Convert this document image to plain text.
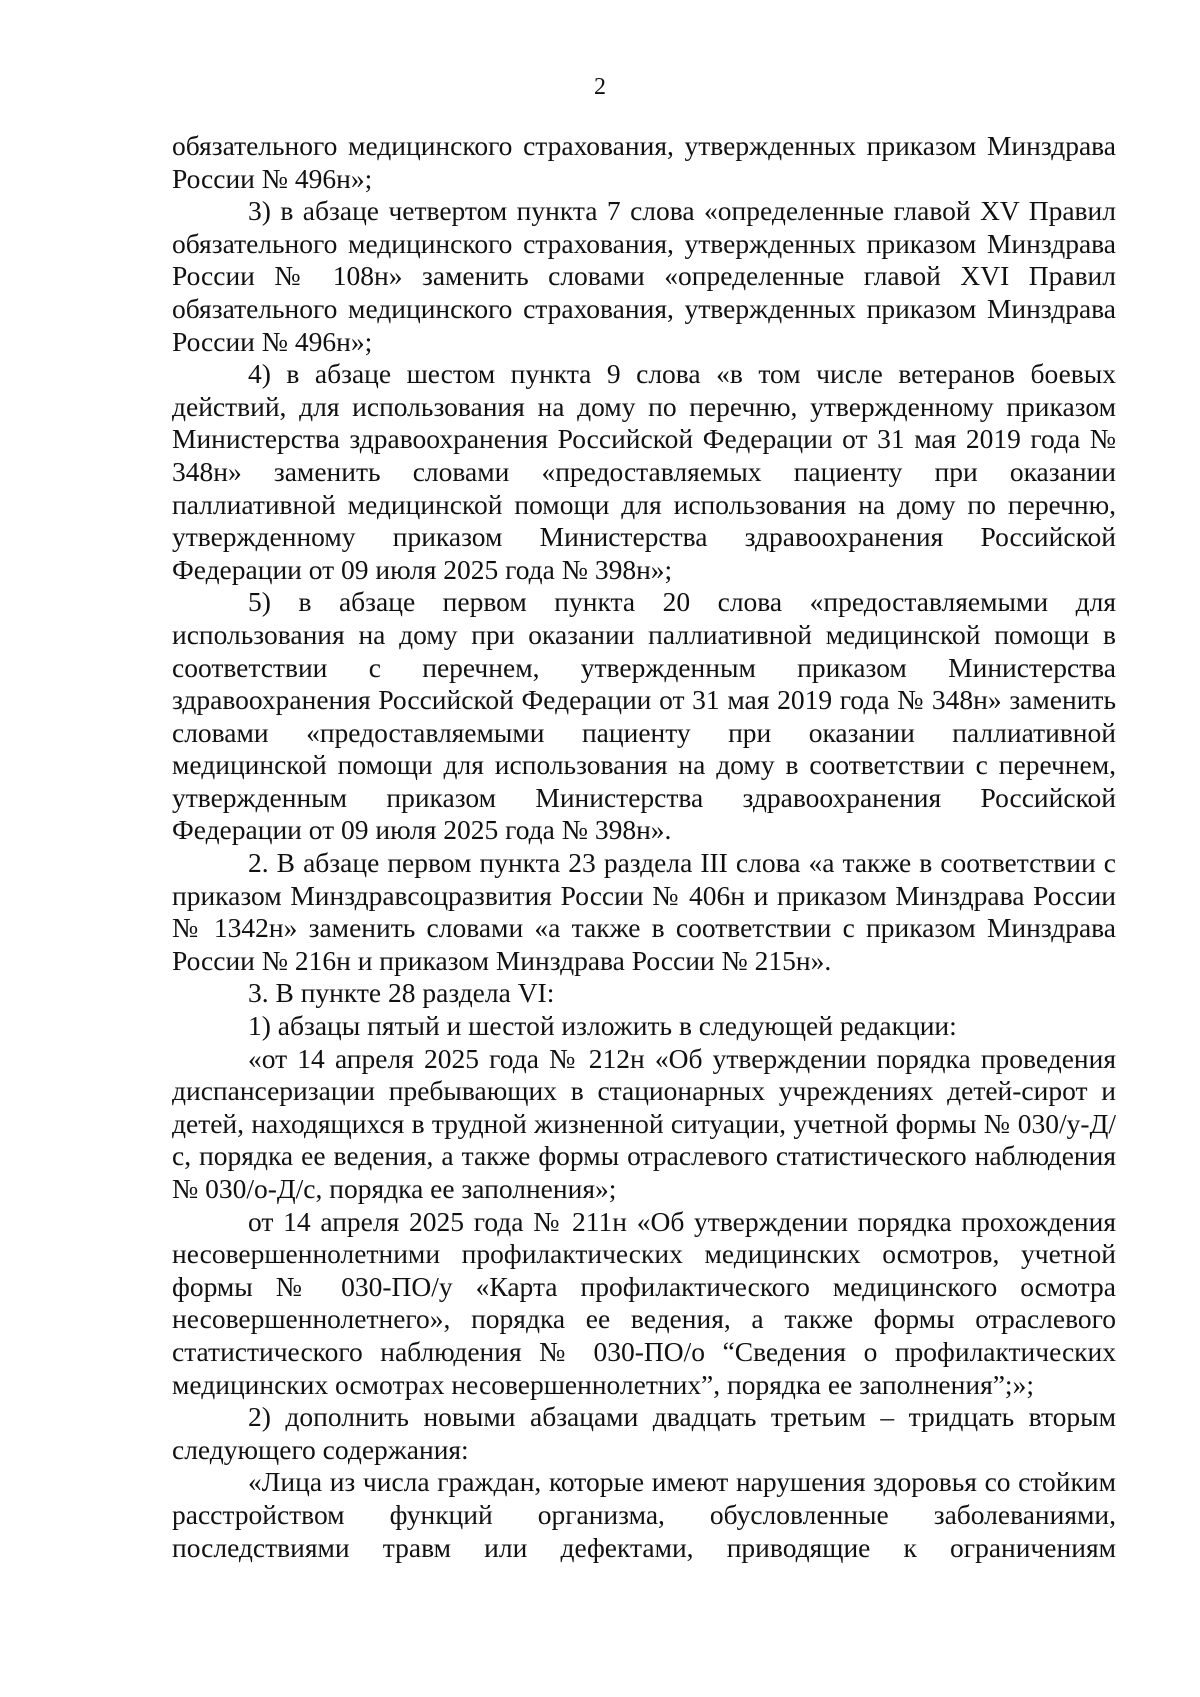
2

обязательного медицинского страхования, утвержденных приказом Минздрава России № 496н»;

3) в абзаце четвертом пункта 7 слова «определенные главой XV Правил обязательного медицинского страхования, утвержденных приказом Минздрава России № 108н» заменить словами «определенные главой XVI Правил обязательного медицинского страхования, утвержденных приказом Минздрава России № 496н»;

4) в абзаце шестом пункта 9 слова «в том числе ветеранов боевых действий, для использования на дому по перечню, утвержденному приказом Министерства здравоохранения Российской Федерации от 31 мая 2019 года № 348н» заменить словами «предоставляемых пациенту при оказании паллиативной медицинской помощи для использования на дому по перечню, утвержденному приказом Министерства здравоохранения Российской Федерации от 09 июля 2025 года № 398н»;

5) в абзаце первом пункта 20 слова «предоставляемыми для использования на дому при оказании паллиативной медицинской помощи в соответствии с перечнем, утвержденным приказом Министерства здравоохранения Российской Федерации от 31 мая 2019 года № 348н» заменить словами «предоставляемыми пациенту при оказании паллиативной медицинской помощи для использования на дому в соответствии с перечнем, утвержденным приказом Министерства здравоохранения Российской Федерации от 09 июля 2025 года № 398н».

2. В абзаце первом пункта 23 раздела III слова «а также в соответствии с приказом Минздравсоцразвития России № 406н и приказом Минздрава России № 1342н» заменить словами «а также в соответствии с приказом Минздрава России № 216н и приказом Минздрава России № 215н».

3. В пункте 28 раздела VI:

1) абзацы пятый и шестой изложить в следующей редакции:

«от 14 апреля 2025 года № 212н «Об утверждении порядка проведения диспансеризации пребывающих в стационарных учреждениях детей-сирот и детей, находящихся в трудной жизненной ситуации, учетной формы № 030/у-Д/с, порядка ее ведения, а также формы отраслевого статистического наблюдения № 030/о-Д/с, порядка ее заполнения»;

от 14 апреля 2025 года № 211н «Об утверждении порядка прохождения несовершеннолетними профилактических медицинских осмотров, учетной формы № 030-ПО/у «Карта профилактического медицинского осмотра несовершеннолетнего», порядка ее ведения, а также формы отраслевого статистического наблюдения № 030-ПО/о “Сведения о профилактических медицинских осмотрах несовершеннолетних”, порядка ее заполнения”;»;

2) дополнить новыми абзацами двадцать третьим – тридцать вторым следующего содержания:

«Лица из числа граждан, которые имеют нарушения здоровья со стойким расстройством функций организма, обусловленные заболеваниями, последствиями травм или дефектами, приводящие к ограничениям
